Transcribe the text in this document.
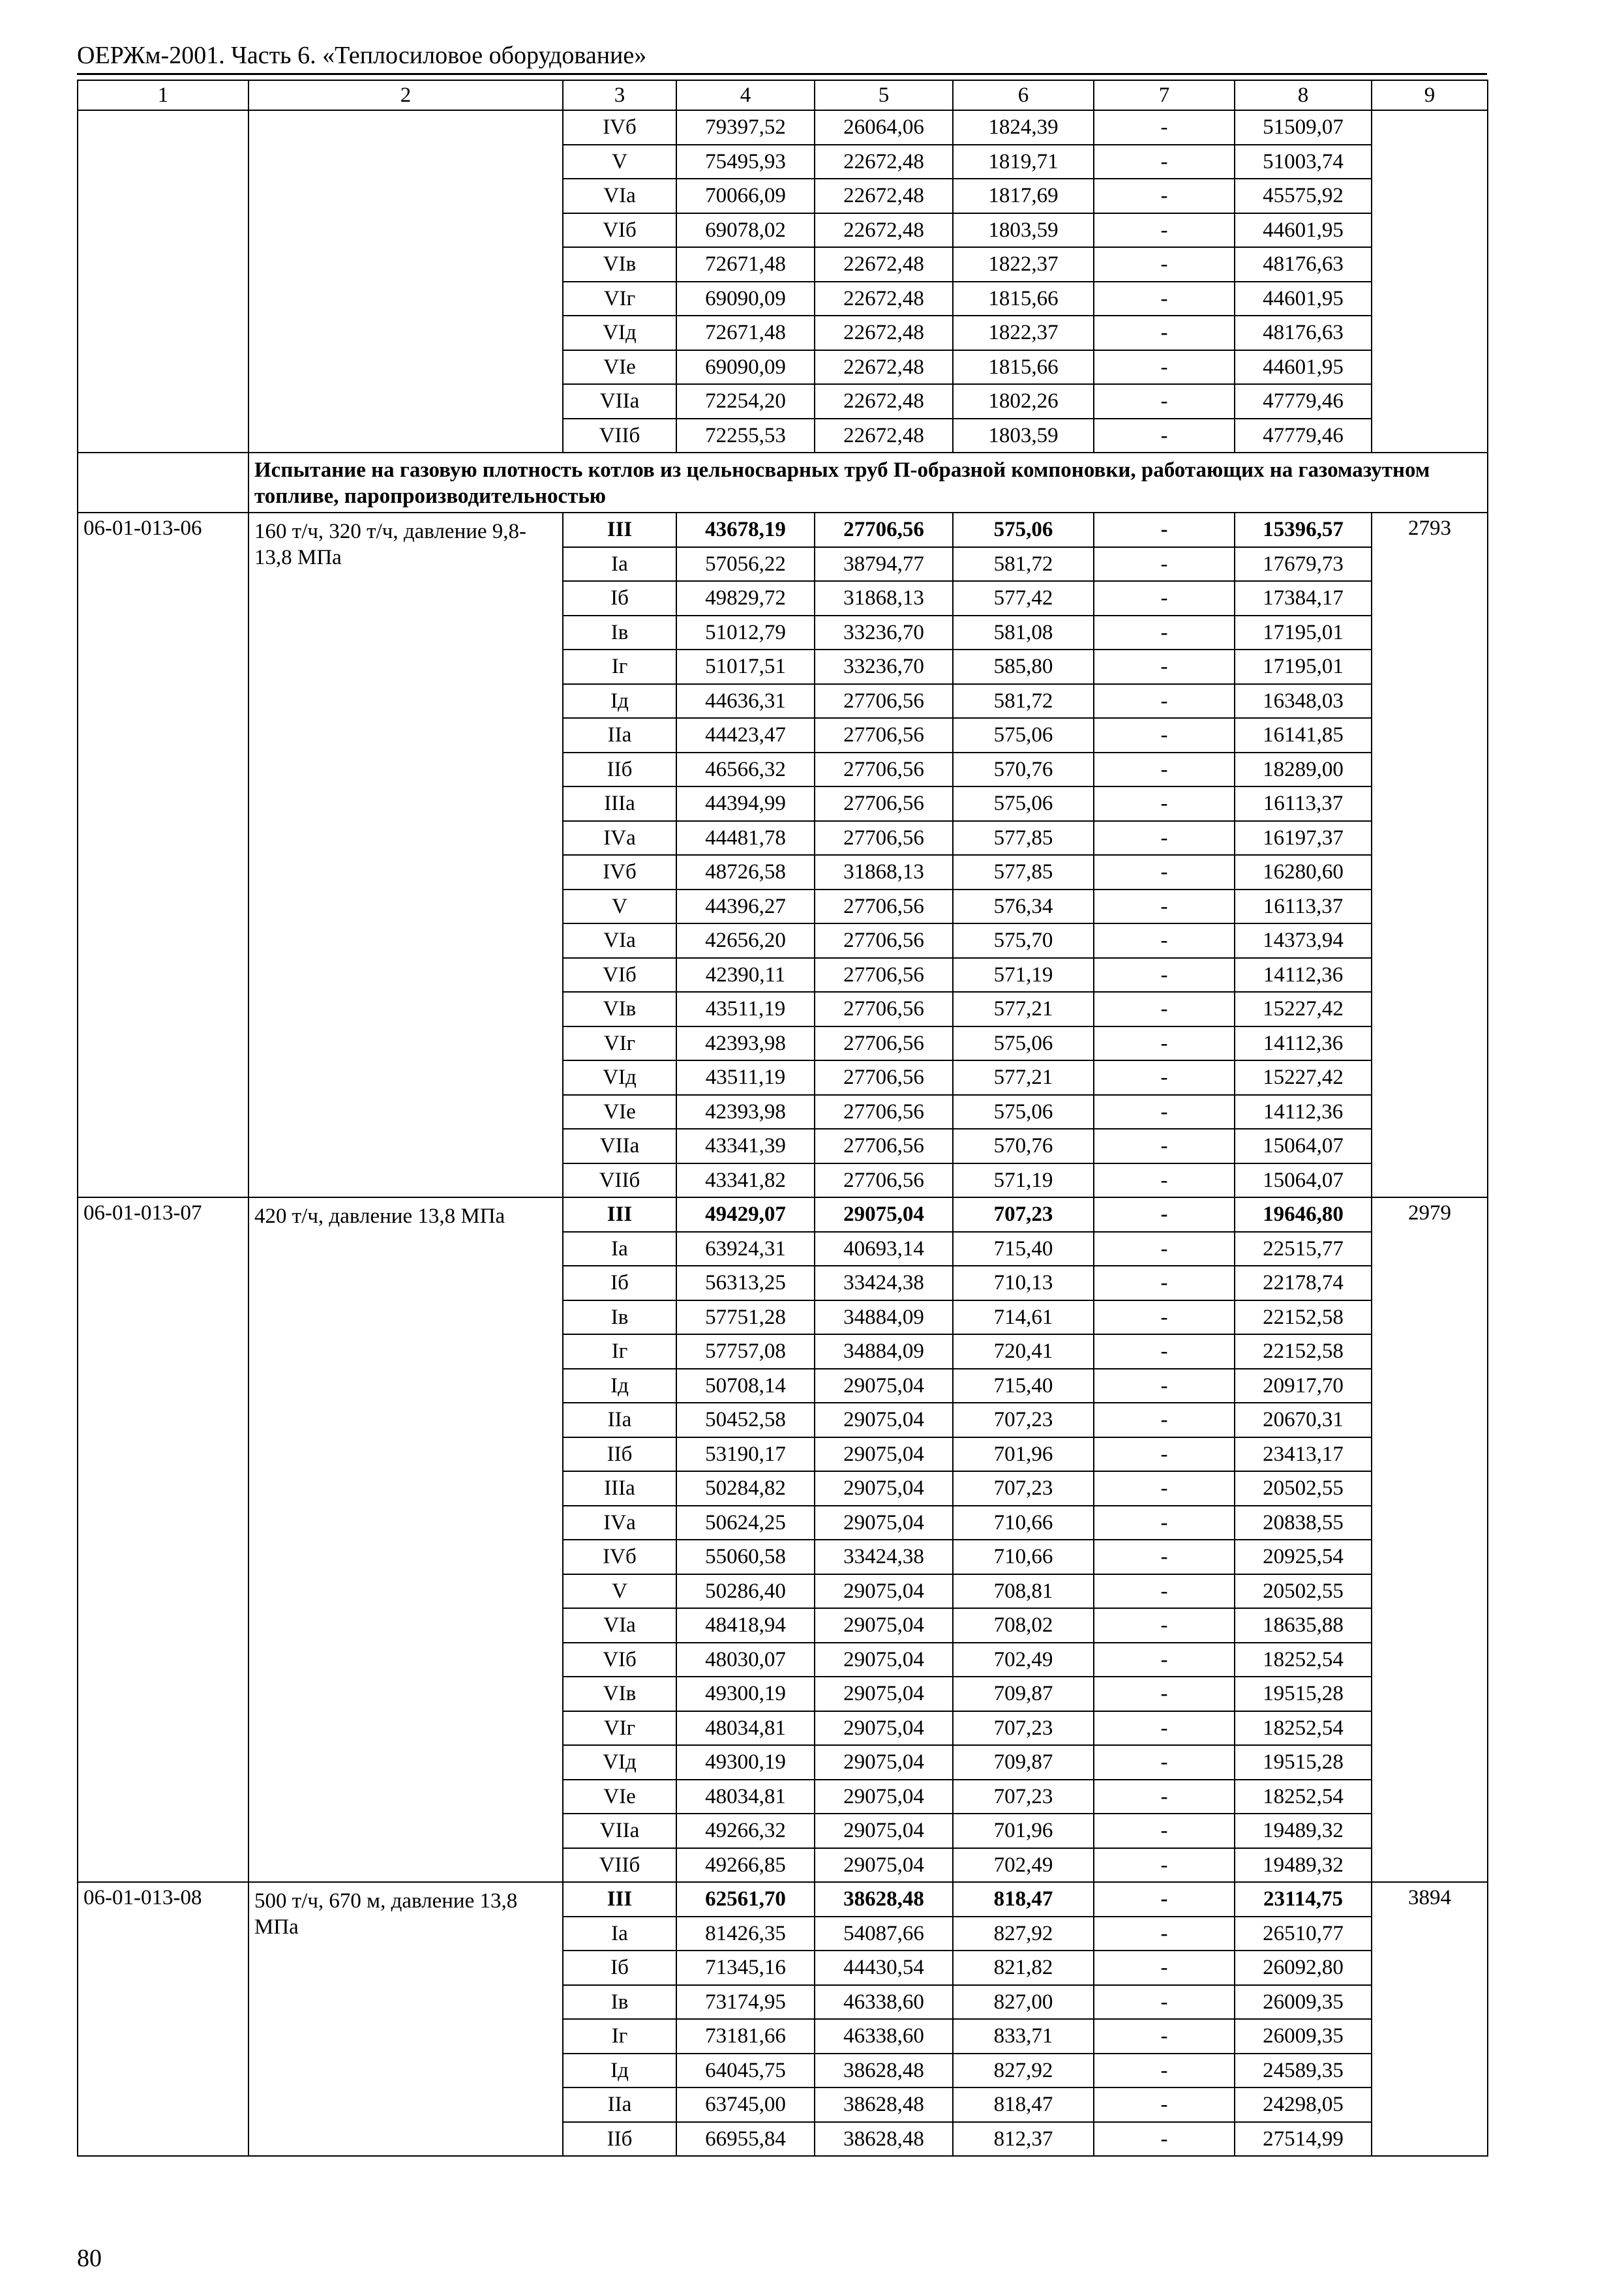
ОЕРЖм-2001. Часть 6. «Теплосиловое оборудование»
1	2	3	4	5	6	7	8	9
		IVб	79397,52	26064,06	1824,39	-	51509,07	
		V	75495,93	22672,48	1819,71	-	51003,74	
		VIа	70066,09	22672,48	1817,69	-	45575,92	
		VIб	69078,02	22672,48	1803,59	-	44601,95	
		VIв	72671,48	22672,48	1822,37	-	48176,63	
		VIг	69090,09	22672,48	1815,66	-	44601,95	
		VIд	72671,48	22672,48	1822,37	-	48176,63	
		VIе	69090,09	22672,48	1815,66	-	44601,95	
		VIIа	72254,20	22672,48	1802,26	-	47779,46	
		VIIб	72255,53	22672,48	1803,59	-	47779,46	
	Испытание на газовую плотность котлов из цельносварных труб П-образной компоновки, работающих на газомазутном топливе, паропроизводительностью							
06-01-013-06	160 т/ч, 320 т/ч, давление 9,8-13,8 МПа	III	43678,19	27706,56	575,06	-	15396,57	2793
		Iа	57056,22	38794,77	581,72	-	17679,73	
		Iб	49829,72	31868,13	577,42	-	17384,17	
		Iв	51012,79	33236,70	581,08	-	17195,01	
		Iг	51017,51	33236,70	585,80	-	17195,01	
		Iд	44636,31	27706,56	581,72	-	16348,03	
		IIа	44423,47	27706,56	575,06	-	16141,85	
		IIб	46566,32	27706,56	570,76	-	18289,00	
		IIIа	44394,99	27706,56	575,06	-	16113,37	
		IVа	44481,78	27706,56	577,85	-	16197,37	
		IVб	48726,58	31868,13	577,85	-	16280,60	
		V	44396,27	27706,56	576,34	-	16113,37	
		VIа	42656,20	27706,56	575,70	-	14373,94	
		VIб	42390,11	27706,56	571,19	-	14112,36	
		VIв	43511,19	27706,56	577,21	-	15227,42	
		VIг	42393,98	27706,56	575,06	-	14112,36	
		VIд	43511,19	27706,56	577,21	-	15227,42	
		VIе	42393,98	27706,56	575,06	-	14112,36	
		VIIа	43341,39	27706,56	570,76	-	15064,07	
		VIIб	43341,82	27706,56	571,19	-	15064,07	
06-01-013-07	420 т/ч, давление 13,8 МПа	III	49429,07	29075,04	707,23	-	19646,80	2979
		Iа	63924,31	40693,14	715,40	-	22515,77	
		Iб	56313,25	33424,38	710,13	-	22178,74	
		Iв	57751,28	34884,09	714,61	-	22152,58	
		Iг	57757,08	34884,09	720,41	-	22152,58	
		Iд	50708,14	29075,04	715,40	-	20917,70	
		IIа	50452,58	29075,04	707,23	-	20670,31	
		IIб	53190,17	29075,04	701,96	-	23413,17	
		IIIа	50284,82	29075,04	707,23	-	20502,55	
		IVа	50624,25	29075,04	710,66	-	20838,55	
		IVб	55060,58	33424,38	710,66	-	20925,54	
		V	50286,40	29075,04	708,81	-	20502,55	
		VIа	48418,94	29075,04	708,02	-	18635,88	
		VIб	48030,07	29075,04	702,49	-	18252,54	
		VIв	49300,19	29075,04	709,87	-	19515,28	
		VIг	48034,81	29075,04	707,23	-	18252,54	
		VIд	49300,19	29075,04	709,87	-	19515,28	
		VIе	48034,81	29075,04	707,23	-	18252,54	
		VIIа	49266,32	29075,04	701,96	-	19489,32	
		VIIб	49266,85	29075,04	702,49	-	19489,32	
06-01-013-08	500 т/ч, 670 м, давление 13,8 МПа	III	62561,70	38628,48	818,47	-	23114,75	3894
		Iа	81426,35	54087,66	827,92	-	26510,77	
		Iб	71345,16	44430,54	821,82	-	26092,80	
		Iв	73174,95	46338,60	827,00	-	26009,35	
		Iг	73181,66	46338,60	833,71	-	26009,35	
		Iд	64045,75	38628,48	827,92	-	24589,35	
		IIа	63745,00	38628,48	818,47	-	24298,05	
		IIб	66955,84	38628,48	812,37	-	27514,99	
80
